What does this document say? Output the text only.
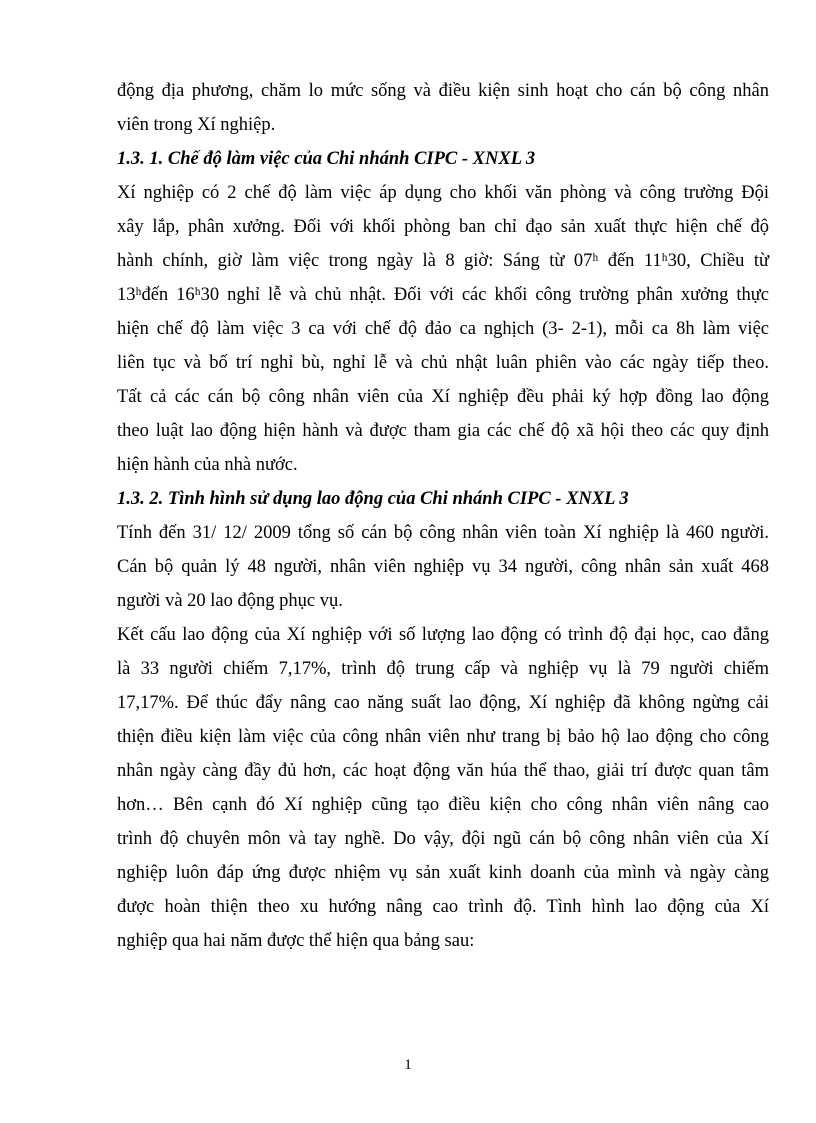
động địa phương, chăm lo mức sống và điều kiện sinh hoạt cho cán bộ công nhân
viên trong Xí nghiệp.
1.3. 1. Chế độ làm việc của Chi nhánh CIPC - XNXL 3
Xí nghiệp có 2 chế độ làm việc áp dụng cho khối văn phòng và công trường Đội
xây lắp, phân xưởng. Đối với khối phòng ban chỉ đạo sản xuất thực hiện chế độ
hành chính, giờ làm việc trong ngày là 8 giờ: Sáng từ 07ʰ đến 11ʰ30, Chiều từ
13ʰđến 16ʰ30 nghỉ lễ và chủ nhật. Đối với các khối công trường phân xưởng thực
hiện chế độ làm việc 3 ca với chế độ đảo ca nghịch (3- 2-1), mỗi ca 8h làm việc
liên tục và bố trí nghỉ bù, nghỉ lễ và chủ nhật luân phiên vào các ngày tiếp theo.
Tất cả các cán bộ công nhân viên của Xí nghiệp đều phải ký hợp đồng lao động
theo luật lao động hiện hành và được tham gia các chế độ xã hội theo các quy định
hiện hành của nhà nước.
1.3. 2. Tình hình sử dụng lao động của Chi nhánh CIPC - XNXL 3
Tính đến 31/ 12/ 2009 tổng số cán bộ công nhân viên toàn Xí nghiệp là 460 người.
Cán bộ quản lý 48 người, nhân viên nghiệp vụ 34 người, công nhân sản xuất 468
người và 20 lao động phục vụ.
Kết cấu lao động của Xí nghiệp với số lượng lao động có trình độ đại học, cao đẳng
là 33 người chiếm 7,17%, trình độ trung cấp và nghiệp vụ là 79 người chiếm
17,17%. Để thúc đẩy nâng cao năng suất lao động, Xí nghiệp đã không ngừng cải
thiện điều kiện làm việc của công nhân viên như trang bị bảo hộ lao động cho công
nhân ngày càng đầy đủ hơn, các hoạt động văn húa thể thao, giải trí được quan tâm
hơn… Bên cạnh đó Xí nghiệp cũng tạo điều kiện cho công nhân viên nâng cao
trình độ chuyên môn và tay nghề. Do vậy, đội ngũ cán bộ công nhân viên của Xí
nghiệp luôn đáp ứng được nhiệm vụ sản xuất kinh doanh của mình và ngày càng
được hoàn thiện theo xu hướng nâng cao trình độ. Tình hình lao động của Xí
nghiệp qua hai năm được thể hiện qua bảng sau:
1
